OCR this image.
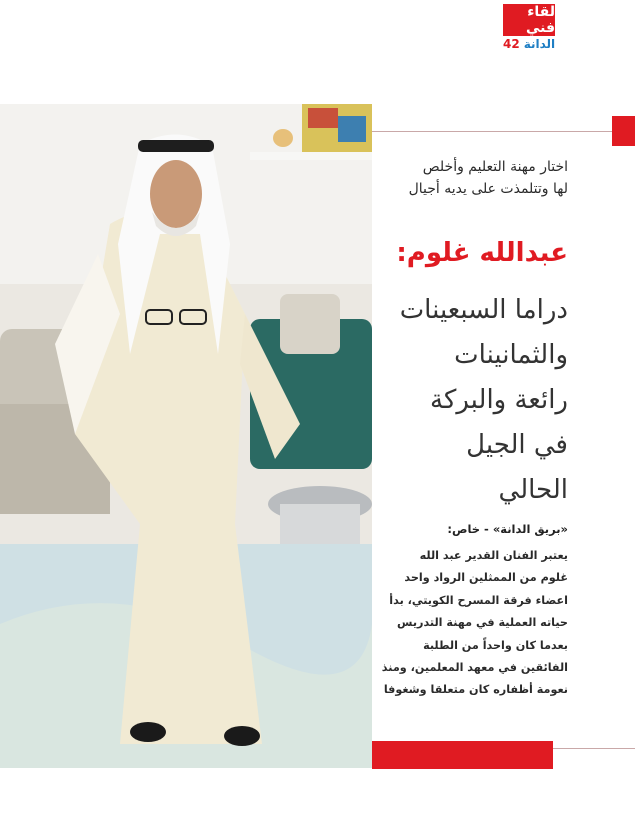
لقاء فني
42 الدانة
اختار مهنة التعليم وأخلص
لها وتتلمذت على يديه أجيال
عبدالله غلوم:
دراما السبعينات
والثمانينات
رائعة والبركة
في الجيل
الحالي
«بريق الدانة» - خاص:

يعتبر الفنان القدير عبد الله

غلوم من الممثلين الرواد واحد

اعضاء فرقة المسرح الكويتي، بدأ

حياته العملية في مهنة التدريس

بعدما كان واحداً من الطلبة

الفائقين في معهد المعلمين، ومنذ

نعومة أظفاره كان متعلقا وشغوفا
